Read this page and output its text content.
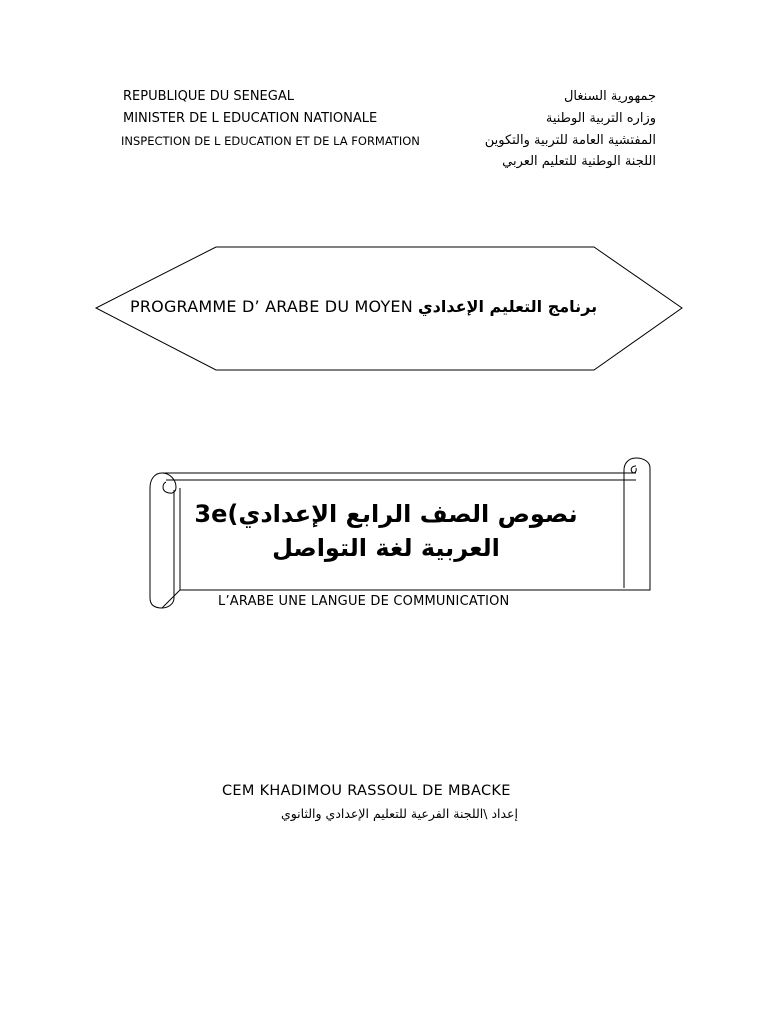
REPUBLIQUE DU SENEGAL
MINISTER DE L EDUCATION NATIONALE
INSPECTION DE L EDUCATION ET DE LA FORMATION
جمهورية السنغال
وزاره التربية الوطنية
المفتشية العامة للتربية والتكوين
اللجنة الوطنية للتعليم العربي
PROGRAMME D’ ARABE DU MOYEN برنامج التعليم الإعدادي
نصوص الصف الرابع الإعدادي)3e
العربية لغة التواصل
L’ARABE UNE LANGUE DE COMMUNICATION
CEM KHADIMOU RASSOUL DE MBACKE
إعداد \اللجنة الفرعية للتعليم الإعدادي والثانوي
